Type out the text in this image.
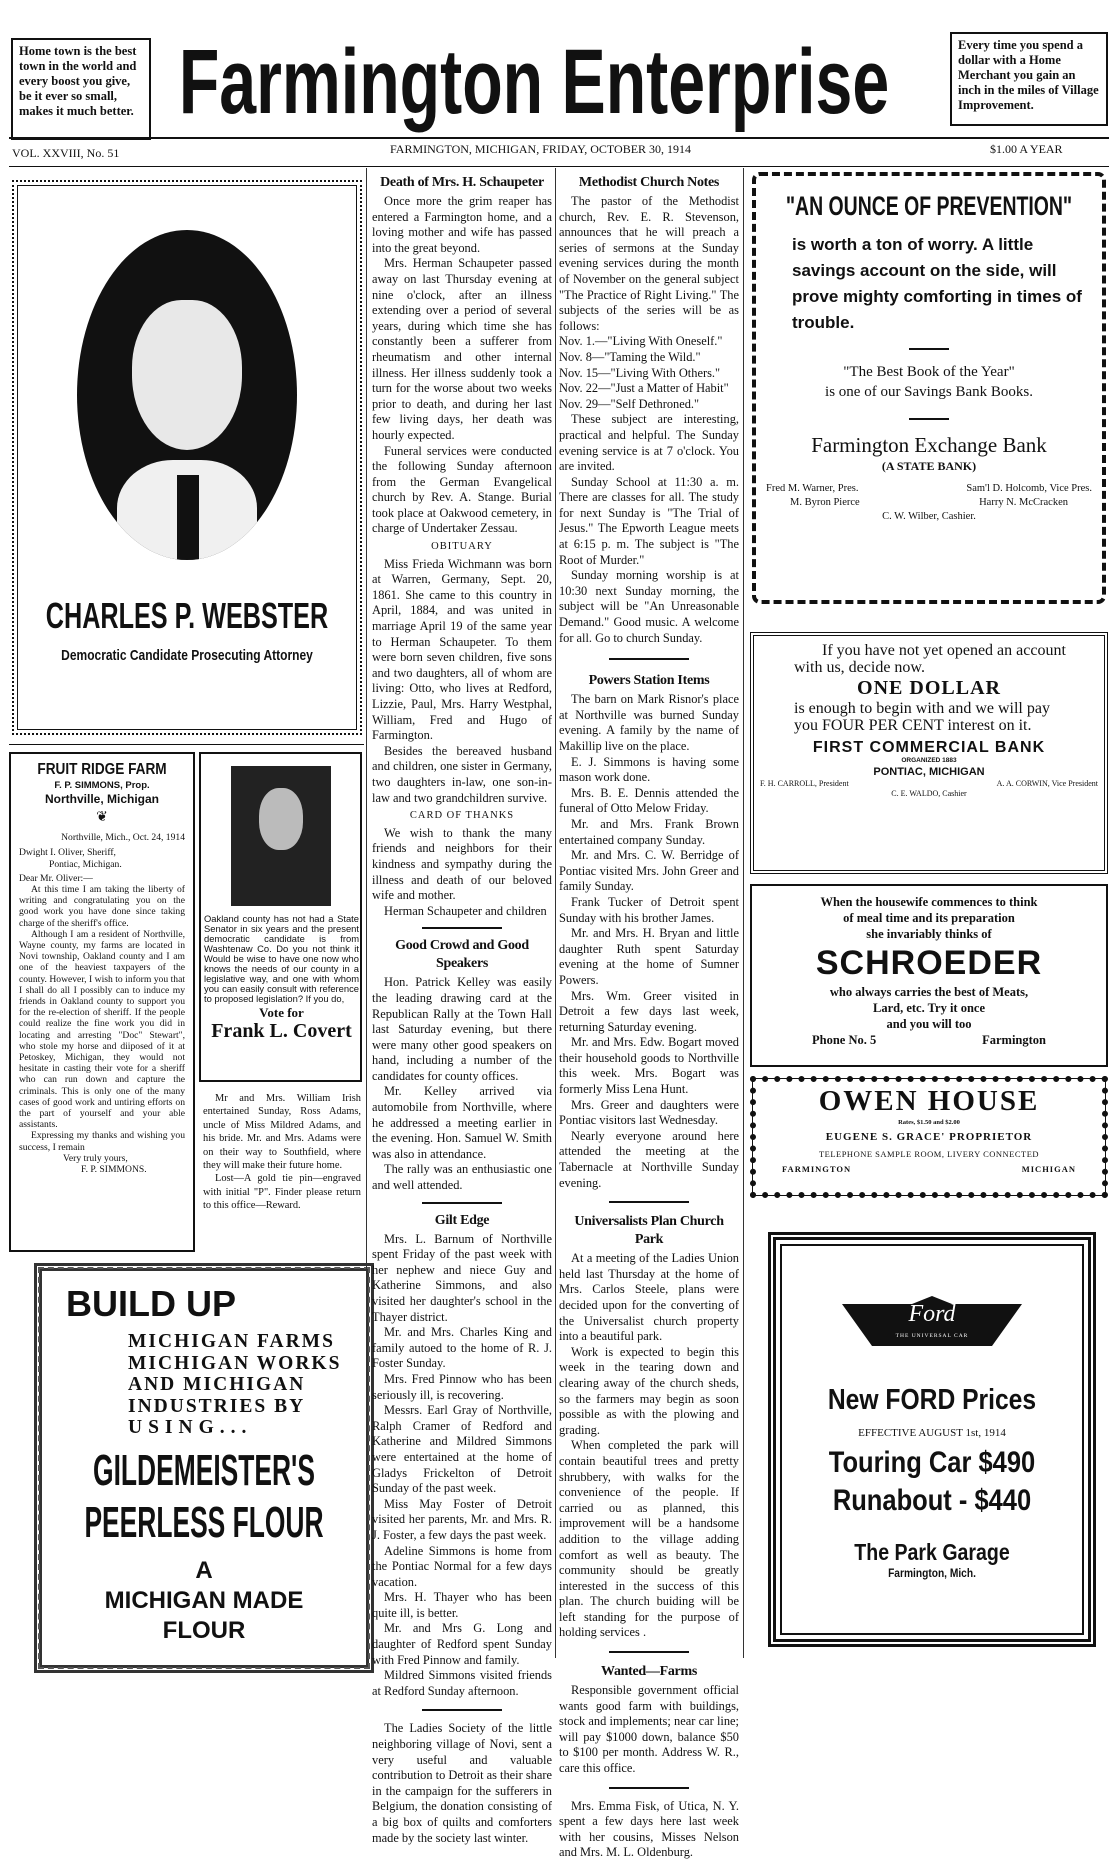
Home town is the best town in the world and every boost you give, be it ever so small, makes it much better. Farmington Enterprise	Every time you spend a dollar with a Home Merchant you gain an inch in the miles of Village Improvement.
VOL. XXVIII, No. 51	FARMINGTON, MICHIGAN, FRIDAY, OCTOBER 30, 1914	$1.00 A YEAR
CHARLES P. WEBSTER
Democratic Candidate Prosecuting Attorney
FRUIT RIDGE FARM
F. P. SIMMONS, Prop.
Northville, Michigan
❦
Northville, Mich., Oct. 24, 1914
Dwight I. Oliver, Sheriff,
Pontiac, Michigan.
Dear Mr. Oliver:—

At this time I am taking the liberty of writing and congratulating you on the good work you have done since taking charge of the sheriff's office.

Although I am a resident of Northville, Wayne county, my farms are located in Novi township, Oakland county and I am one of the heaviest taxpayers of the county. However, I wish to inform you that I shall do all I possibly can to induce my friends in Oakland county to support you for the re-election of sheriff. If the people could realize the fine work you did in locating and arresting "Doc" Stewart", who stole my horse and diiposed of it at Petoskey, Michigan, they would not hesitate in casting their vote for a sheriff who can run down and capture the criminals. This is only one of the many cases of good work and untiring efforts on the part of yourself and your able assistants.

Expressing my thanks and wishing you success, I remain

Very truly yours,
F. P. SIMMONS.
Oakland county has not had a State Senator in six years and the present democratic candidate is from Washtenaw Co. Do you not think it Would be wise to have one now who knows the needs of our county in a legislative way, and one with whom you can easily consult with reference to proposed legislation? If you do,
Vote for
Frank L. Covert

Mr and Mrs. William Irish entertained Sunday, Ross Adams, uncle of Miss Mildred Adams, and his bride. Mr. and Mrs. Adams were on their way to Southfield, where they will make their future home.

Lost—A gold tie pin—engraved with initial "P". Finder please return to this office—Reward.

BUILD UP
MICHIGAN FARMS
MICHIGAN WORKS
AND MICHIGAN
INDUSTRIES BY
USING...
GILDEMEISTER'S
PEERLESS FLOUR
A
MICHIGAN MADE
FLOUR
Death of Mrs. H. Schaupeter

Once more the grim reaper has entered a Farmington home, and a loving mother and wife has passed into the great beyond.

Mrs. Herman Schaupeter passed away on last Thursday evening at nine o'clock, after an illness extending over a period of several years, during which time she has constantly been a sufferer from rheumatism and other internal illness. Her illness suddenly took a turn for the worse about two weeks prior to death, and during her last few living days, her death was hourly expected.

Funeral services were conducted the following Sunday afternoon from the German Evangelical church by Rev. A. Stange. Burial took place at Oakwood cemetery, in charge of Undertaker Zessau.

OBITUARY

Miss Frieda Wichmann was born at Warren, Germany, Sept. 20, 1861. She came to this country in April, 1884, and was united in marriage April 19 of the same year to Herman Schaupeter. To them were born seven children, five sons and two daughters, all of whom are living: Otto, who lives at Redford, Lizzie, Paul, Mrs. Harry Westphal, William, Fred and Hugo of Farmington.

Besides the bereaved husband and children, one sister in Germany, two daughters in-law, one son-in-law and two grandchildren survive.

CARD OF THANKS

We wish to thank the many friends and neighbors for their kindness and sympathy during the illness and death of our beloved wife and mother.

Herman Schaupeter and children

Good Crowd and Good Speakers

Hon. Patrick Kelley was easily the leading drawing card at the Republican Rally at the Town Hall last Saturday evening, but there were many other good speakers on hand, including a number of the candidates for county offices.

Mr. Kelley arrived via automobile from Northville, where he addressed a meeting earlier in the evening. Hon. Samuel W. Smith was also in attendance.

The rally was an enthusiastic one and well attended.

Gilt Edge

Mrs. L. Barnum of Northville spent Friday of the past week with her nephew and niece Guy and Katherine Simmons, and also visited her daughter's school in the Thayer district.

Mr. and Mrs. Charles King and family autoed to the home of R. J. Foster Sunday.

Mrs. Fred Pinnow who has been seriously ill, is recovering.

Messrs. Earl Gray of Northville, Ralph Cramer of Redford and Katherine and Mildred Simmons were entertained at the home of Gladys Frickelton of Detroit Sunday of the past week.

Miss May Foster of Detroit visited her parents, Mr. and Mrs. R. J. Foster, a few days the past week.

Adeline Simmons is home from the Pontiac Normal for a few days vacation.

Mrs. H. Thayer who has been quite ill, is better.

Mr. and Mrs G. Long and daughter of Redford spent Sunday with Fred Pinnow and family.

Mildred Simmons visited friends at Redford Sunday afternoon.

The Ladies Society of the little neighboring village of Novi, sent a very useful and valuable contribution to Detroit as their share in the campaign for the sufferers in Belgium, the donation consisting of a big box of quilts and comforters made by the society last winter.

Methodist Church Notes

The pastor of the Methodist church, Rev. E. R. Stevenson, announces that he will preach a series of sermons at the Sunday evening services during the month of November on the general subject "The Practice of Right Living." The subjects of the series will be as follows:

Nov. 1.—"Living With Oneself."

Nov. 8—"Taming the Wild."

Nov. 15—"Living With Others."

Nov. 22—"Just a Matter of Habit"

Nov. 29—"Self Dethroned."

These subject are interesting, practical and helpful. The Sunday evening service is at 7 o'clock. You are invited.

Sunday School at 11:30 a. m. There are classes for all. The study for next Sunday is "The Trial of Jesus." The Epworth League meets at 6:15 p. m. The subject is "The Root of Murder."

Sunday morning worship is at 10:30 next Sunday morning, the subject will be "An Unreasonable Demand." Good music. A welcome for all. Go to church Sunday.

Powers Station Items

The barn on Mark Risnor's place at Northville was burned Sunday evening. A family by the name of Makillip live on the place.

E. J. Simmons is having some mason work done.

Mrs. B. E. Dennis attended the funeral of Otto Melow Friday.

Mr. and Mrs. Frank Brown entertained company Sunday.

Mr. and Mrs. C. W. Berridge of Pontiac visited Mrs. John Greer and family Sunday.

Frank Tucker of Detroit spent Sunday with his brother James.

Mr. and Mrs. H. Bryan and little daughter Ruth spent Saturday evening at the home of Sumner Powers.

Mrs. Wm. Greer visited in Detroit a few days last week, returning Saturday evening.

Mr. and Mrs. Edw. Bogart moved their household goods to Northville this week. Mrs. Bogart was formerly Miss Lena Hunt.

Mrs. Greer and daughters were Pontiac visitors last Wednesday.

Nearly everyone around here attended the meeting at the Tabernacle at Northville Sunday evening.

Universalists Plan Church Park

At a meeting of the Ladies Union held last Thursday at the home of Mrs. Carlos Steele, plans were decided upon for the converting of the Universalist church property into a beautiful park.

Work is expected to begin this week in the tearing down and clearing away of the church sheds, so the farmers may begin as soon possible as with the plowing and grading.

When completed the park will contain beautiful trees and pretty shrubbery, with walks for the convenience of the people. If carried ou as planned, this improvement will be a handsome addition to the village adding comfort as well as beauty. The community should be greatly interested in the success of this plan. The church buiding will be left standing for the purpose of holding services .

Wanted—Farms

Responsible government official wants good farm with buildings, stock and implements; near car line; will pay $1000 down, balance $50 to $100 per month. Address W. R., care this office.

Mrs. Emma Fisk, of Utica, N. Y. spent a few days here last week with her cousins, Misses Nelson and Mrs. M. L. Oldenburg.

"AN OUNCE OF PREVENTION"
is worth a ton of worry. A little savings account on the side, will prove mighty comforting in times of trouble.
"The Best Book of the Year"
is one of our Savings Bank Books.
Farmington Exchange Bank
(A STATE BANK)
Fred M. Warner, Pres.	Sam'l D. Holcomb, Vice Pres.
M. Byron Pierce	Harry N. McCracken
C. W. Wilber, Cashier.
If you have not yet opened an account with us, decide now.
ONE DOLLAR
is enough to begin with and we will pay you FOUR PER CENT interest on it.
FIRST COMMERCIAL BANK
ORGANIZED 1883
PONTIAC, MICHIGAN
F. H. CARROLL, President	A. A. CORWIN, Vice President
C. E. WALDO, Cashier
When the housewife commences to think
of meal time and its preparation
she invariably thinks of
SCHROEDER
who always carries the best of Meats,
Lard, etc. Try it once
and you will too
Phone No. 5	Farmington
OWEN HOUSE
Rates, $1.50 and $2.00
EUGENE S. GRACE' PROPRIETOR
TELEPHONE SAMPLE ROOM, LIVERY CONNECTED
FARMINGTON	MICHIGAN
Ford
THE UNIVERSAL CAR
New FORD Prices
EFFECTIVE AUGUST 1st, 1914
Touring Car $490
Runabout - $440
The Park Garage
Farmington, Mich.
